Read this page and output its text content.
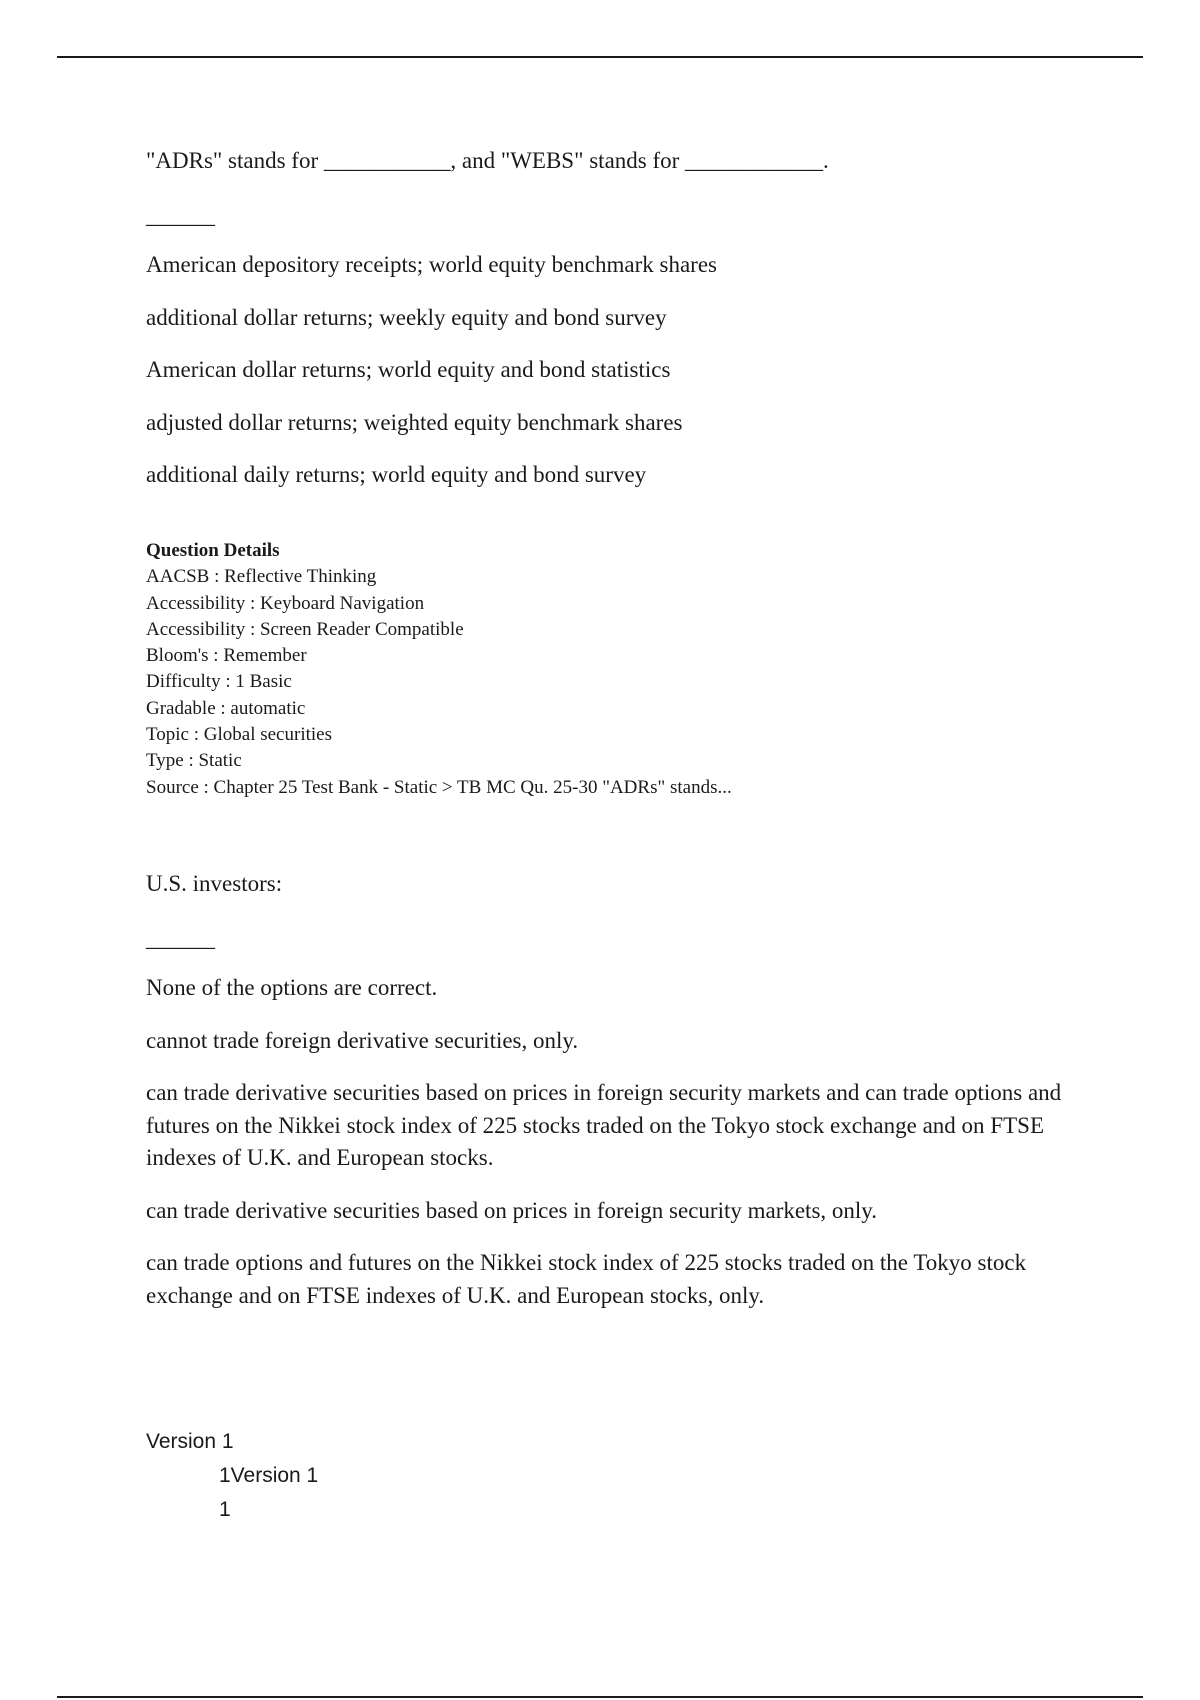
"ADRs" stands for ___________, and "WEBS" stands for ____________.

______
American depository receipts; world equity benchmark shares
additional dollar returns; weekly equity and bond survey
American dollar returns; world equity and bond statistics
adjusted dollar returns; weighted equity benchmark shares
additional daily returns; world equity and bond survey

Question Details

AACSB : Reflective Thinking
Accessibility : Keyboard Navigation
Accessibility : Screen Reader Compatible
Bloom's : Remember
Difficulty : 1 Basic
Gradable : automatic
Topic : Global securities
Type : Static
Source : Chapter 25 Test Bank - Static > TB MC Qu. 25-30 "ADRs" stands...

U.S. investors:

______
None of the options are correct.
cannot trade foreign derivative securities, only.
can trade derivative securities based on prices in foreign security markets and can trade options and futures on the Nikkei stock index of 225 stocks traded on the Tokyo stock exchange and on FTSE indexes of U.K. and European stocks.
can trade derivative securities based on prices in foreign security markets, only.
can trade options and futures on the Nikkei stock index of 225 stocks traded on the Tokyo stock exchange and on FTSE indexes of U.K. and European stocks, only.
Version 1
1Version 1
1
